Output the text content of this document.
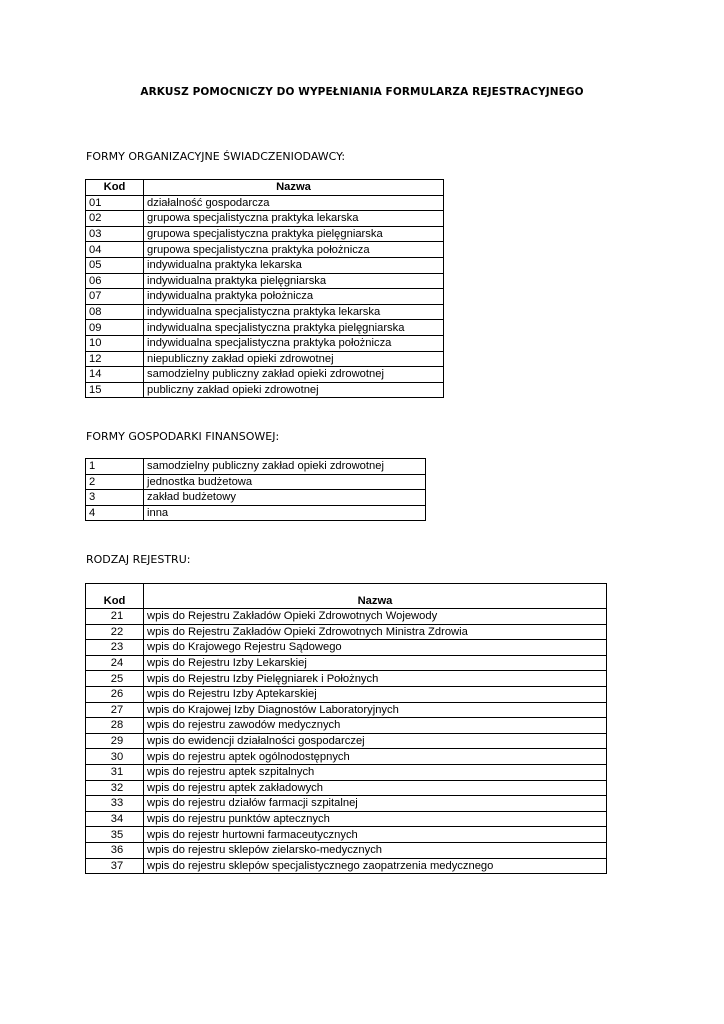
ARKUSZ POMOCNICZY DO WYPEŁNIANIA FORMULARZA REJESTRACYJNEGO
FORMY ORGANIZACYJNE ŚWIADCZENIODAWCY:
Kod	Nazwa
01	działalność gospodarcza
02	grupowa specjalistyczna praktyka lekarska
03	grupowa specjalistyczna praktyka pielęgniarska
04	grupowa specjalistyczna praktyka położnicza
05	indywidualna praktyka lekarska
06	indywidualna praktyka pielęgniarska
07	indywidualna praktyka położnicza
08	indywidualna specjalistyczna praktyka lekarska
09	indywidualna specjalistyczna praktyka pielęgniarska
10	indywidualna specjalistyczna praktyka położnicza
12	niepubliczny zakład opieki zdrowotnej
14	samodzielny publiczny zakład opieki zdrowotnej
15	publiczny zakład opieki zdrowotnej
FORMY GOSPODARKI FINANSOWEJ:
1	samodzielny publiczny zakład opieki zdrowotnej
2	jednostka budżetowa
3	zakład budżetowy
4	inna
RODZAJ REJESTRU:
Kod	Nazwa
21	wpis do Rejestru Zakładów Opieki Zdrowotnych Wojewody
22	wpis do Rejestru Zakładów Opieki Zdrowotnych Ministra Zdrowia
23	wpis do Krajowego Rejestru Sądowego
24	wpis do Rejestru Izby Lekarskiej
25	wpis do Rejestru Izby Pielęgniarek i Położnych
26	wpis do Rejestru Izby Aptekarskiej
27	wpis do Krajowej Izby Diagnostów Laboratoryjnych
28	wpis do rejestru zawodów medycznych
29	wpis do ewidencji działalności gospodarczej
30	wpis do rejestru aptek ogólnodostępnych
31	wpis do rejestru aptek szpitalnych
32	wpis do rejestru aptek zakładowych
33	wpis do rejestru działów farmacji szpitalnej
34	wpis do rejestru punktów aptecznych
35	wpis do rejestr hurtowni farmaceutycznych
36	wpis do rejestru sklepów zielarsko-medycznych
37	wpis do rejestru sklepów specjalistycznego zaopatrzenia medycznego
